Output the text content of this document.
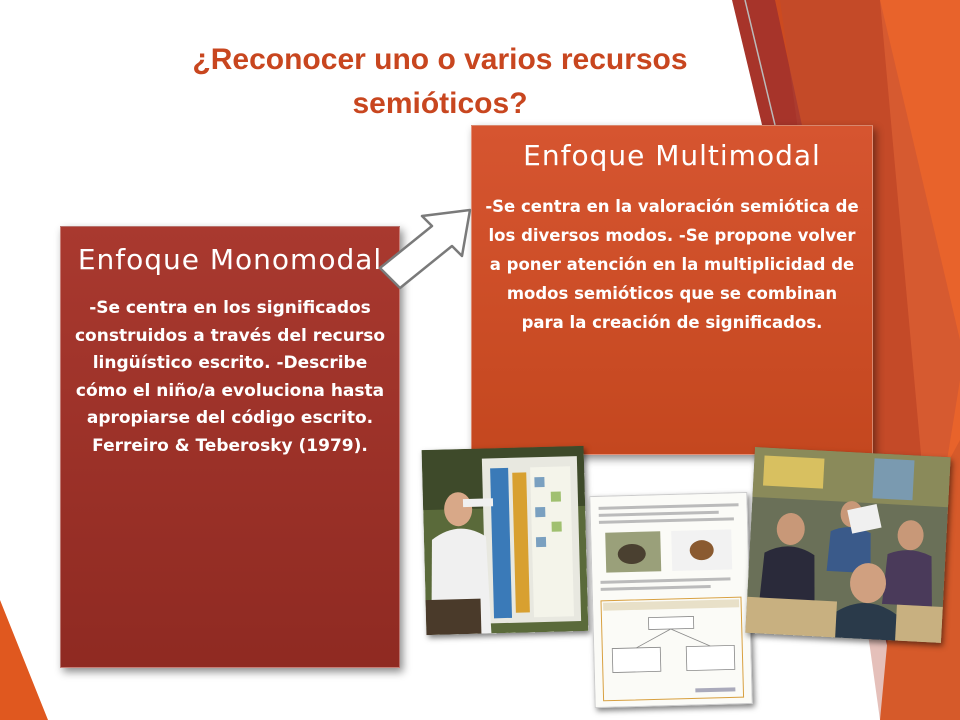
¿Reconocer uno o varios recursos semióticos?
Enfoque Monomodal

-Se centra en los significados construidos a través del recurso lingüístico escrito. -Describe cómo el niño/a evoluciona hasta apropiarse del código escrito. Ferreiro & Teberosky (1979).

Enfoque Multimodal

-Se centra en la valoración semiótica de los diversos modos. -Se propone volver a poner atención en la multiplicidad de modos semióticos que se combinan para la creación de significados.
